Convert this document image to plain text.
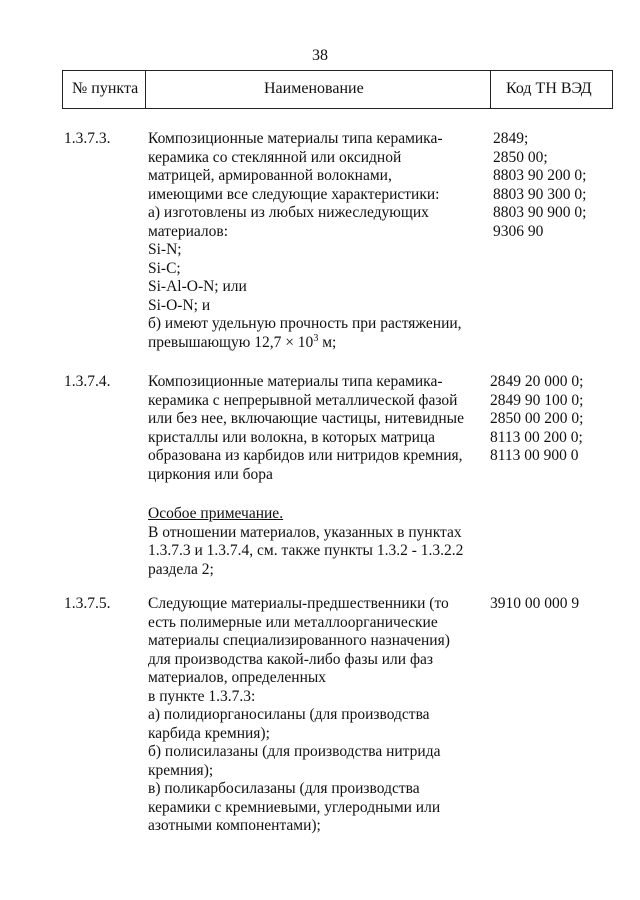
38
№ пункта	Наименование	Код ТН ВЭД
1.3.7.3. Композиционные материалы типа керамика-
керамика со стеклянной или оксидной
матрицей, армированной волокнами,
имеющими все следующие характеристики:
а) изготовлены из любых нижеследующих
материалов:
Si-N;
Si-C;
Si-Al-O-N; или
Si-O-N; и
б) имеют удельную прочность при растяжении,
превышающую $12,7 \times 10^3$ м;
2849;
2850 00;
8803 90 200 0;
8803 90 300 0;
8803 90 900 0;
9306 90
1.3.7.4. Композиционные материалы типа керамика-
керамика с непрерывной металлической фазой
или без нее, включающие частицы, нитевидные
кристаллы или волокна, в которых матрица
образована из карбидов или нитридов кремния,
циркония или бора
Особое примечание.
В отношении материалов, указанных в пунктах
1.3.7.3 и 1.3.7.4, см. также пункты 1.3.2 - 1.3.2.2
раздела 2;
2849 20 000 0;
2849 90 100 0;
2850 00 200 0;
8113 00 200 0;
8113 00 900 0
1.3.7.5. Следующие материалы-предшественники (то
есть полимерные или металлоорганические
материалы специализированного назначения)
для производства какой-либо фазы или фаз
материалов, определенных
в пункте 1.3.7.3:
а) полидиорганосиланы (для производства
карбида кремния);
б) полисилазаны (для производства нитрида
кремния);
в) поликарбосилазаны (для производства
керамики с кремниевыми, углеродными или
азотными компонентами);
3910 00 000 9
